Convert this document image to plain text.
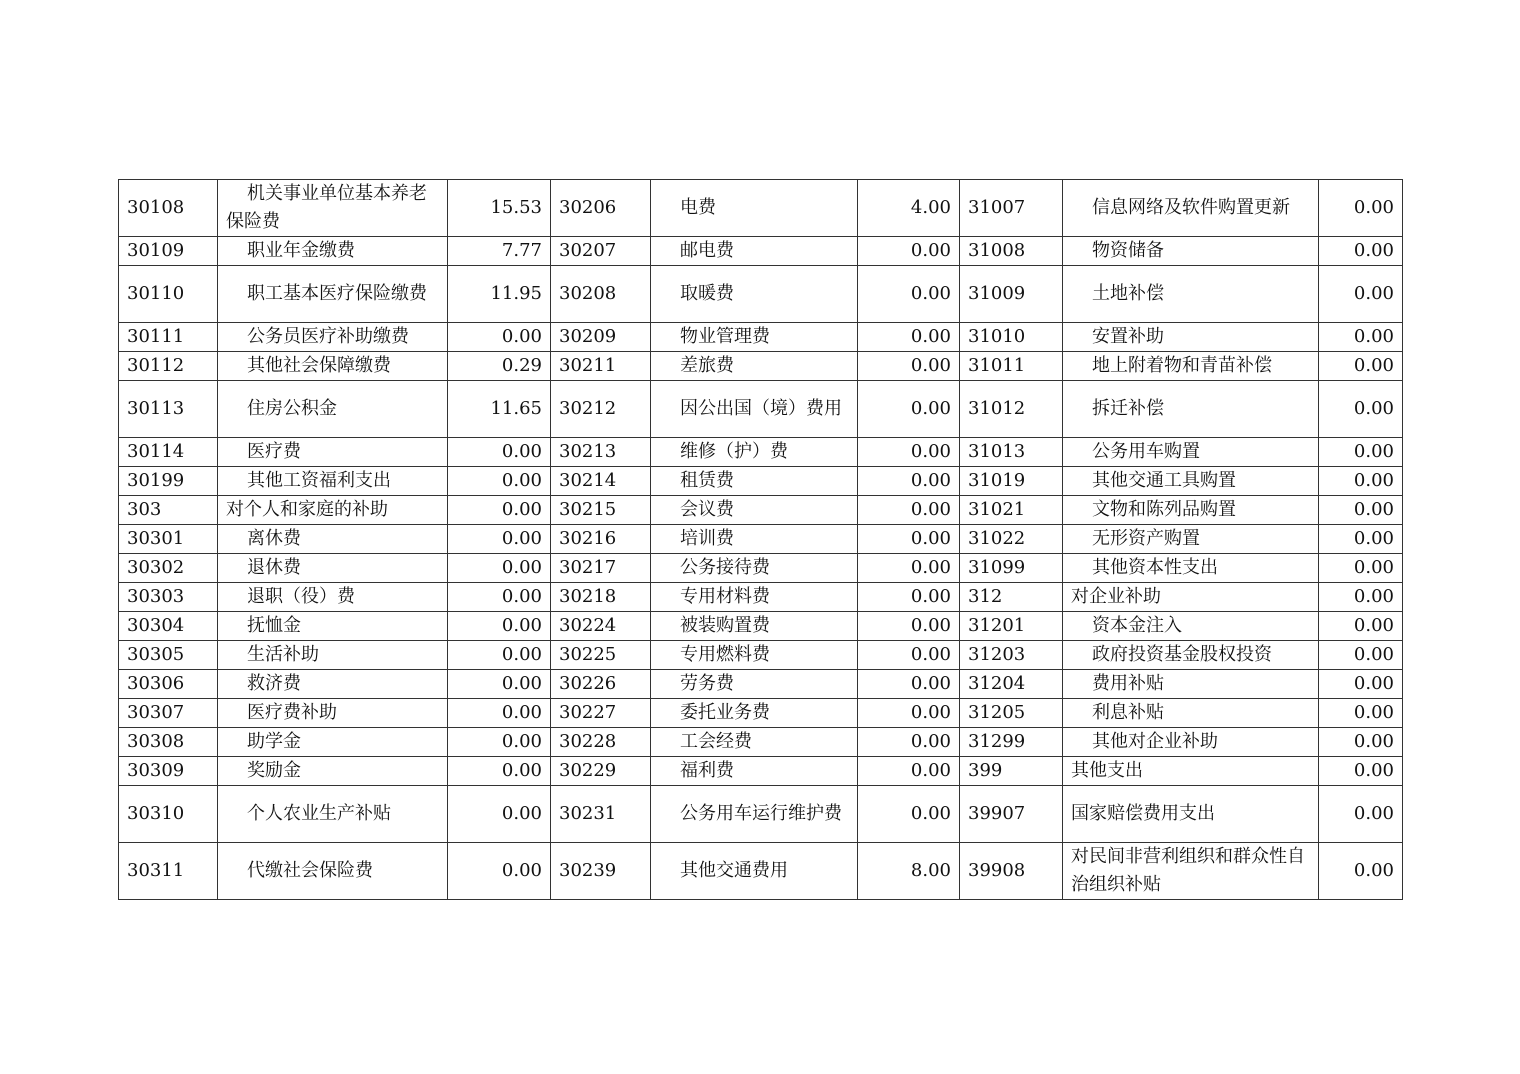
30108	机关事业单位基本养老保险费	15.53	30206	电费	4.00	31007	信息网络及软件购置更新	0.00
30109	职业年金缴费	7.77	30207	邮电费	0.00	31008	物资储备	0.00
30110	职工基本医疗保险缴费	11.95	30208	取暖费	0.00	31009	土地补偿	0.00
30111	公务员医疗补助缴费	0.00	30209	物业管理费	0.00	31010	安置补助	0.00
30112	其他社会保障缴费	0.29	30211	差旅费	0.00	31011	地上附着物和青苗补偿	0.00
30113	住房公积金	11.65	30212	因公出国（境）费用	0.00	31012	拆迁补偿	0.00
30114	医疗费	0.00	30213	维修（护）费	0.00	31013	公务用车购置	0.00
30199	其他工资福利支出	0.00	30214	租赁费	0.00	31019	其他交通工具购置	0.00
303	对个人和家庭的补助	0.00	30215	会议费	0.00	31021	文物和陈列品购置	0.00
30301	离休费	0.00	30216	培训费	0.00	31022	无形资产购置	0.00
30302	退休费	0.00	30217	公务接待费	0.00	31099	其他资本性支出	0.00
30303	退职（役）费	0.00	30218	专用材料费	0.00	312	对企业补助	0.00
30304	抚恤金	0.00	30224	被装购置费	0.00	31201	资本金注入	0.00
30305	生活补助	0.00	30225	专用燃料费	0.00	31203	政府投资基金股权投资	0.00
30306	救济费	0.00	30226	劳务费	0.00	31204	费用补贴	0.00
30307	医疗费补助	0.00	30227	委托业务费	0.00	31205	利息补贴	0.00
30308	助学金	0.00	30228	工会经费	0.00	31299	其他对企业补助	0.00
30309	奖励金	0.00	30229	福利费	0.00	399	其他支出	0.00
30310	个人农业生产补贴	0.00	30231	公务用车运行维护费	0.00	39907	国家赔偿费用支出	0.00
30311	代缴社会保险费	0.00	30239	其他交通费用	8.00	39908	对民间非营利组织和群众性自治组织补贴	0.00
